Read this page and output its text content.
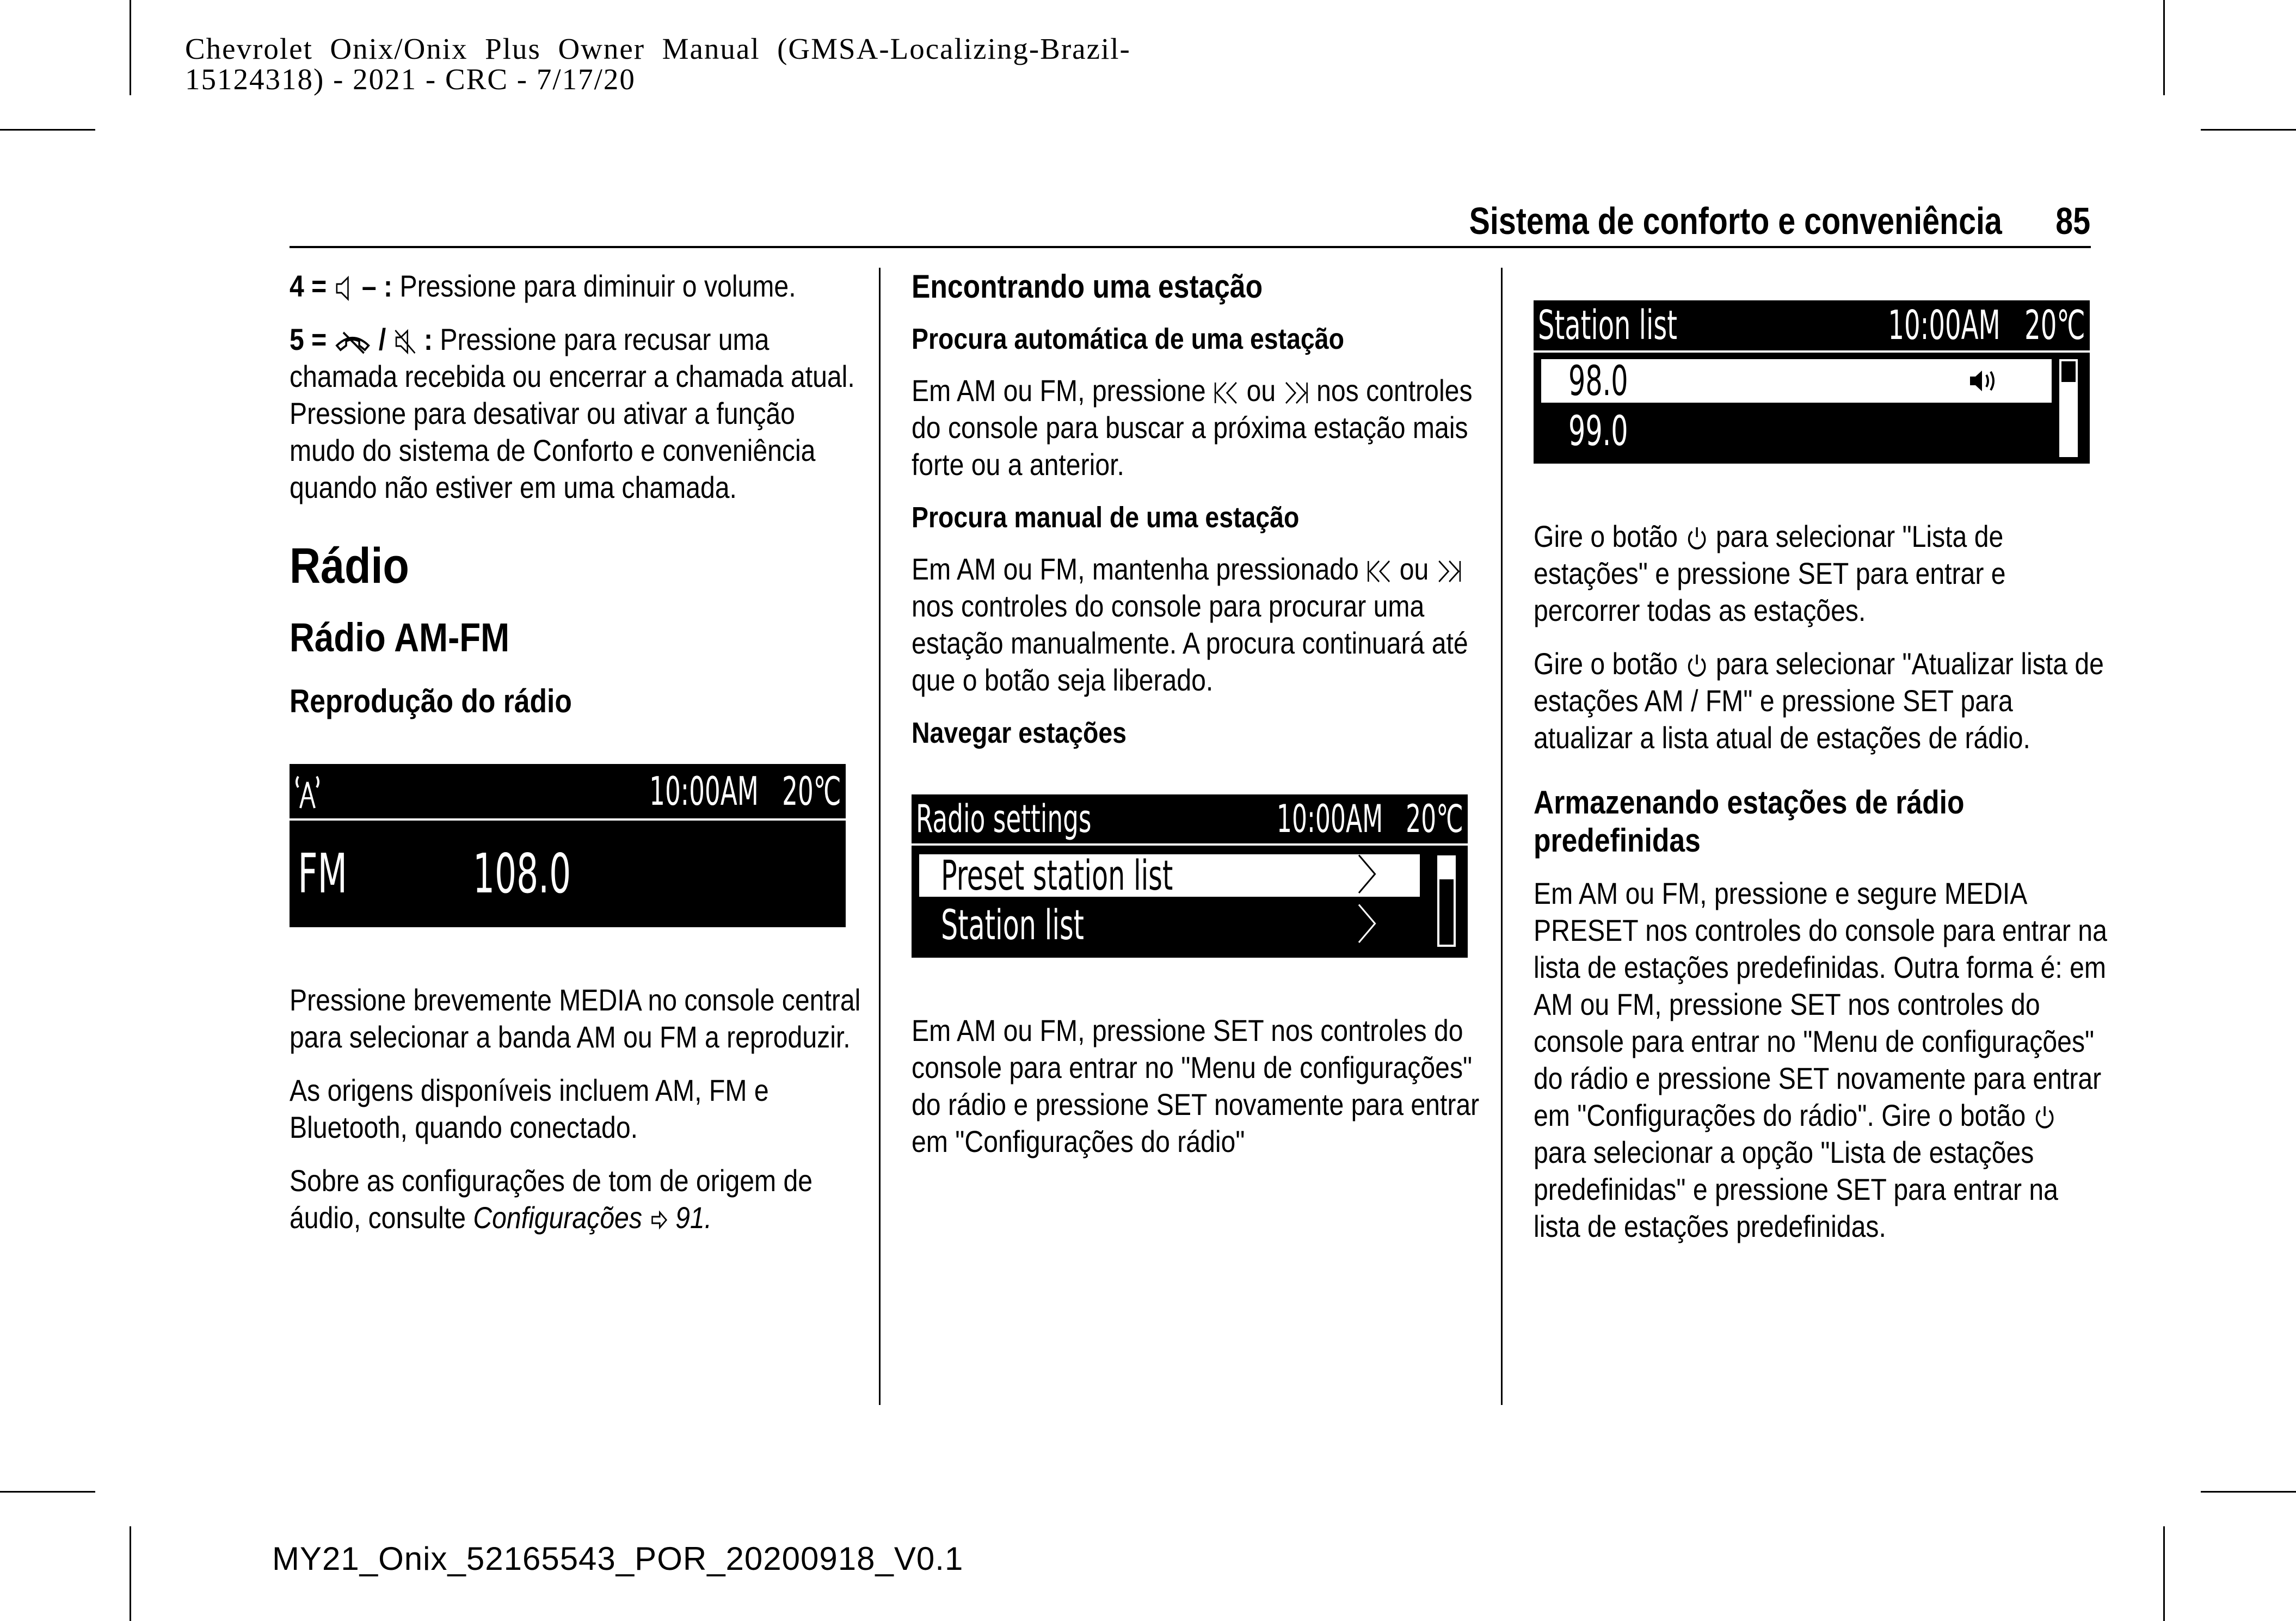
Chevrolet  Onix/Onix  Plus  Owner  Manual  (GMSA-Localizing-Brazil-
15124318) - 2021 - CRC - 7/17/20
Sistema de conforto e conveniência 85

4 = – : Pressione para diminuir o volume.

5 = / : Pressione para recusar uma chamada recebida ou encerrar a chamada atual. Pressione para desativar ou ativar a função mudo do sistema de Conforto e conveniência quando não estiver em uma chamada.

Rádio
Rádio AM-FM
Reprodução do rádio
10:00AM 20℃
FM 108.0

Pressione brevemente MEDIA no console central para selecionar a banda AM ou FM a reproduzir.

As origens disponíveis incluem AM, FM e Bluetooth, quando conectado.

Sobre as configurações de tom de origem de áudio, consulte Configurações 91.

Encontrando uma estação
Procura automática de uma estação

Em AM ou FM, pressione ou nos controles do console para buscar a próxima estação mais forte ou a anterior.

Procura manual de uma estação

Em AM ou FM, mantenha pressionado ou  nos controles do console para procurar uma estação manualmente. A procura continuará até que o botão seja liberado.

Navegar estações
Radio settings	10:00AM 20℃
Preset station list	〉
Station list	〉

Em AM ou FM, pressione SET nos controles do console para entrar no "Menu de configurações" do rádio e pressione SET novamente para entrar em "Configurações do rádio"

Station list	10:00AM 20℃
98.0
99.0

Gire o botão para selecionar "Lista de estações" e pressione SET para entrar e percorrer todas as estações.

Gire o botão para selecionar "Atualizar lista de estações AM / FM" e pressione SET para atualizar a lista atual de estações de rádio.

Armazenando estações de rádio predefinidas

Em AM ou FM, pressione e segure MEDIA PRESET nos controles do console para entrar na lista de estações predefinidas. Outra forma é: em AM ou FM, pressione SET nos controles do console para entrar no "Menu de configurações" do rádio e pressione SET novamente para entrar em "Configurações do rádio". Gire o botão  para selecionar a opção "Lista de estações predefinidas" e pressione SET para entrar na lista de estações predefinidas.

MY21_Onix_52165543_POR_20200918_V0.1
